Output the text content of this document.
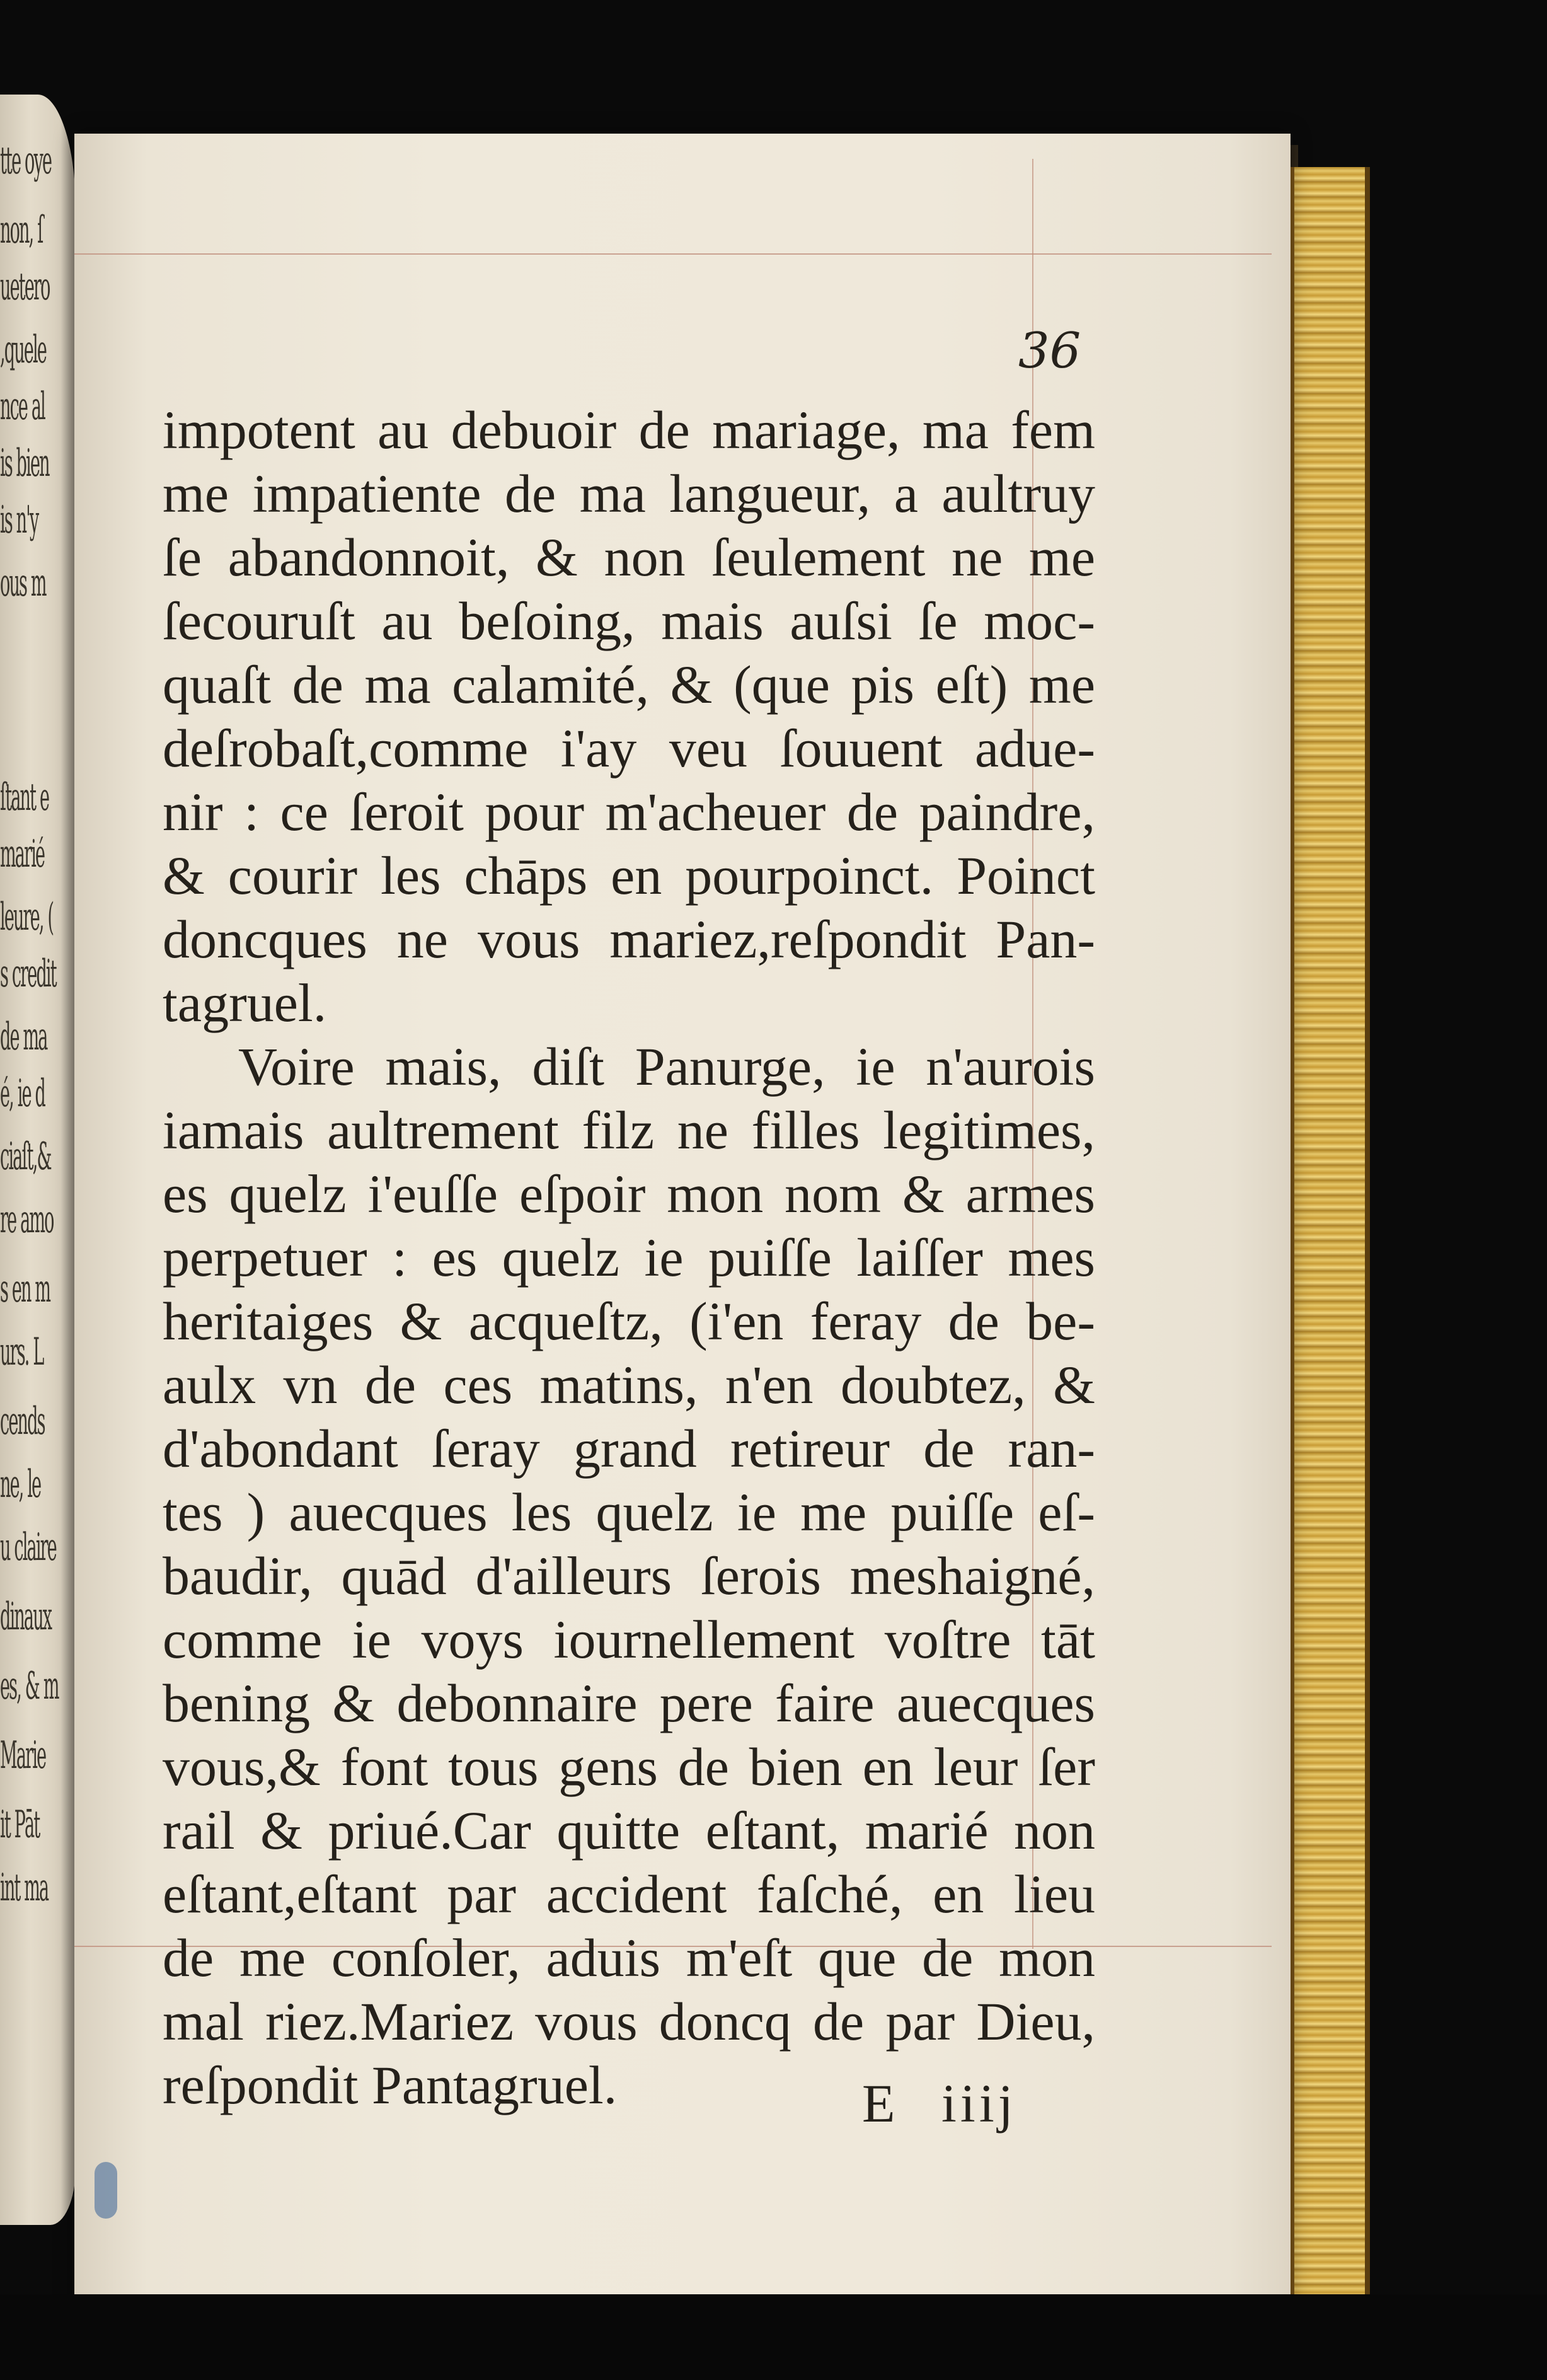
tte oye
non, ſ
uetero
,quele
nce al
is bien
is n'y
ous m
ſtant e
marié
leure, (
s credit
de ma
é, ie d
ciaſt,&
re amo
s en m
urs. L
cends
ne, le
u claire
dinaux
es, & m
Marie
it Pāt
int ma
36
impotent au debuoir de mariage, ma fem
me impatiente de ma langueur, a aultruy
ſe abandonnoit, & non ſeulement ne me
ſecouruſt au beſoing, mais auſsi ſe moc-
quaſt de ma calamité, & (que pis eſt) me
deſrobaſt,comme i'ay veu ſouuent adue-
nir : ce ſeroit pour m'acheuer de paindre,
& courir les chāps en pourpoinct. Poinct
doncques ne vous mariez,reſpondit Pan-
tagruel.
Voire mais, diſt Panurge, ie n'aurois
iamais aultrement filz ne filles legitimes,
es quelz i'euſſe eſpoir mon nom & armes
perpetuer : es quelz ie puiſſe laiſſer mes
heritaiges & acqueſtz, (i'en feray de be-
aulx vn de ces matins, n'en doubtez, &
d'abondant ſeray grand retireur de ran-
tes ) auecques les quelz ie me puiſſe eſ-
baudir, quād d'ailleurs ſerois meshaigné,
comme ie voys iournellement voſtre tāt
bening & debonnaire pere faire auecques
vous,& font tous gens de bien en leur ſer
rail & priué.Car quitte eſtant, marié non
eſtant,eſtant par accident faſché, en lieu
de me conſoler, aduis m'eſt que de mon
mal riez.Mariez vous doncq de par Dieu,
reſpondit Pantagruel.	E iiij
